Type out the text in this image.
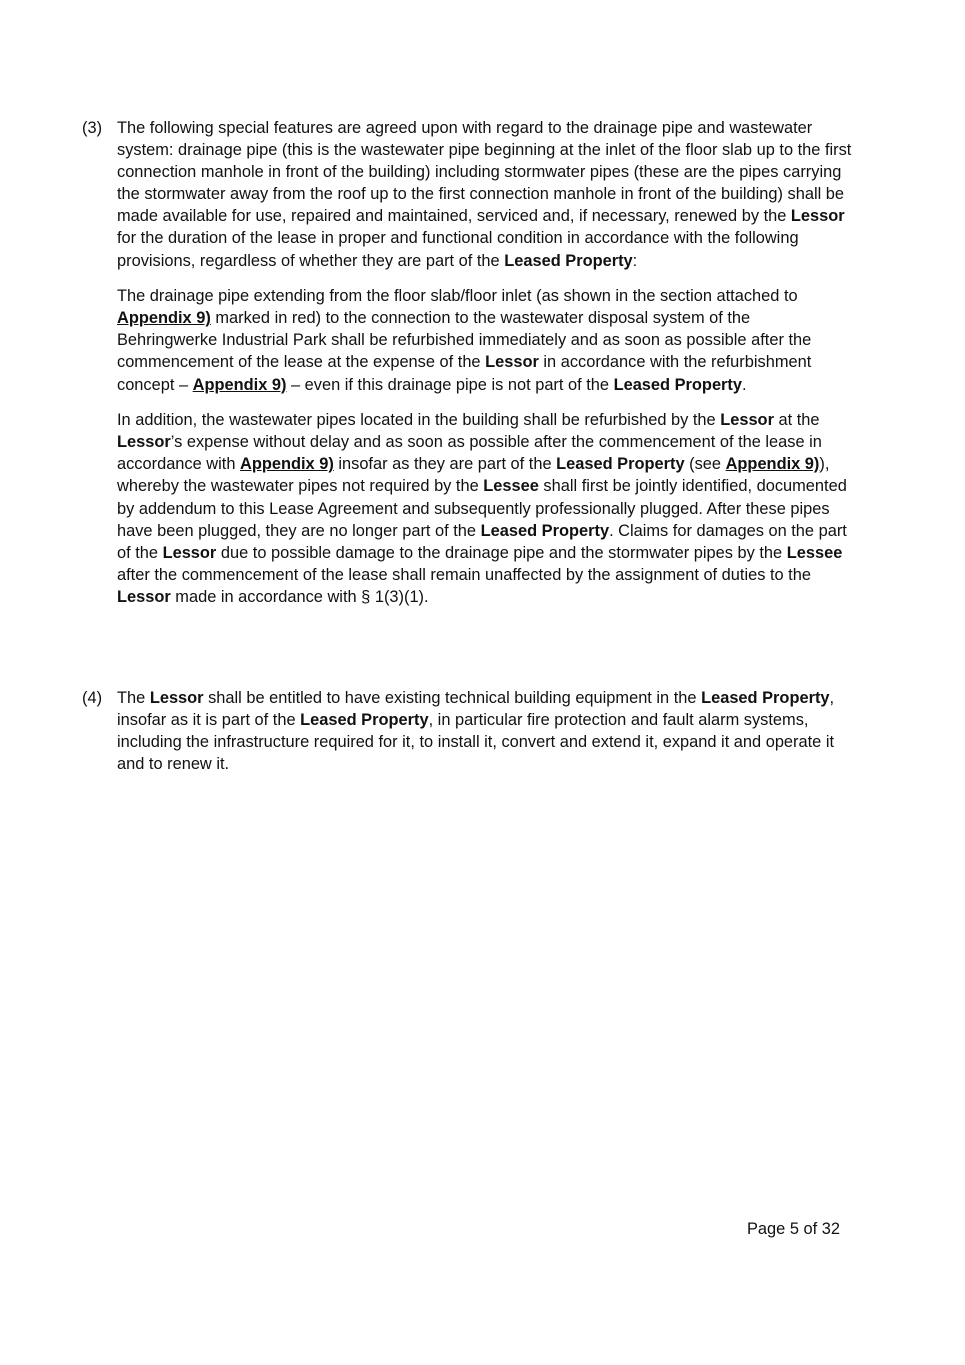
(3) The following special features are agreed upon with regard to the drainage pipe and wastewater system: drainage pipe (this is the wastewater pipe beginning at the inlet of the floor slab up to the first connection manhole in front of the building) including stormwater pipes (these are the pipes carrying the stormwater away from the roof up to the first connection manhole in front of the building) shall be made available for use, repaired and maintained, serviced and, if necessary, renewed by the Lessor for the duration of the lease in proper and functional condition in accordance with the following provisions, regardless of whether they are part of the Leased Property:

The drainage pipe extending from the floor slab/floor inlet (as shown in the section attached to Appendix 9) marked in red) to the connection to the wastewater disposal system of the Behringwerke Industrial Park shall be refurbished immediately and as soon as possible after the commencement of the lease at the expense of the Lessor in accordance with the refurbishment concept – Appendix 9) – even if this drainage pipe is not part of the Leased Property.

In addition, the wastewater pipes located in the building shall be refurbished by the Lessor at the Lessor’s expense without delay and as soon as possible after the commencement of the lease in accordance with Appendix 9) insofar as they are part of the Leased Property (see Appendix 9)), whereby the wastewater pipes not required by the Lessee shall first be jointly identified, documented by addendum to this Lease Agreement and subsequently professionally plugged. After these pipes have been plugged, they are no longer part of the Leased Property. Claims for damages on the part of the Lessor due to possible damage to the drainage pipe and the stormwater pipes by the Lessee after the commencement of the lease shall remain unaffected by the assignment of duties to the Lessor made in accordance with § 1(3)(1).

(4) The Lessor shall be entitled to have existing technical building equipment in the Leased Property, insofar as it is part of the Leased Property, in particular fire protection and fault alarm systems, including the infrastructure required for it, to install it, convert and extend it, expand it and operate it and to renew it.

Page 5 of 32
